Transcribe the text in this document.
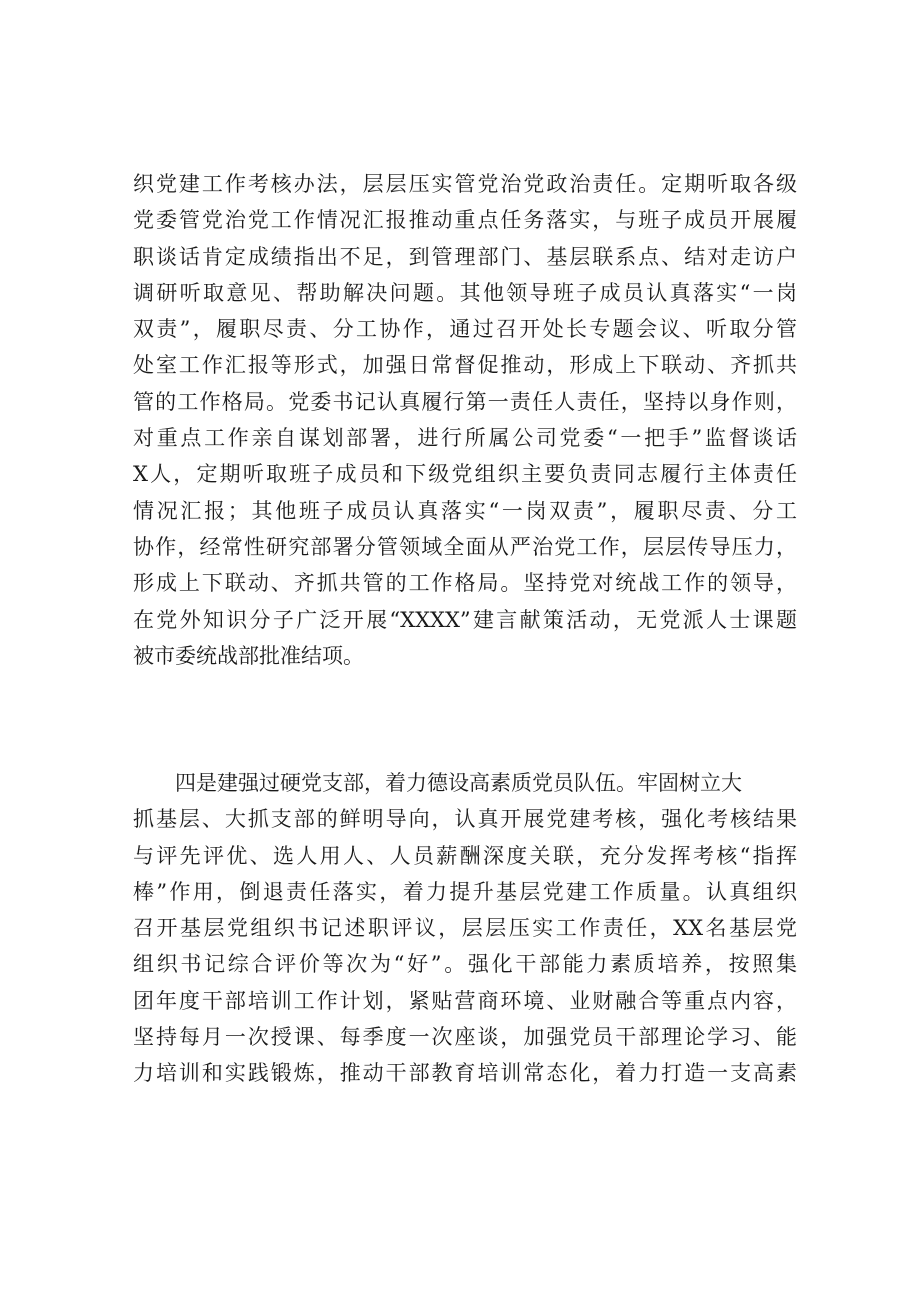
织党建工作考核办法，层层压实管党治党政治责任。定期听取各级
党委管党治党工作情况汇报推动重点任务落实，与班子成员开展履
职谈话肯定成绩指出不足，到管理部门、基层联系点、结对走访户
调研听取意见、帮助解决问题。其他领导班子成员认真落实“一岗
双责”，履职尽责、分工协作，通过召开处长专题会议、听取分管
处室工作汇报等形式，加强日常督促推动，形成上下联动、齐抓共
管的工作格局。党委书记认真履行第一责任人责任，坚持以身作则，
对重点工作亲自谋划部署，进行所属公司党委“一把手”监督谈话
X人，定期听取班子成员和下级党组织主要负责同志履行主体责任
情况汇报；其他班子成员认真落实“一岗双责”，履职尽责、分工
协作，经常性研究部署分管领域全面从严治党工作，层层传导压力，
形成上下联动、齐抓共管的工作格局。坚持党对统战工作的领导，
在党外知识分子广泛开展“XXXX”建言献策活动，无党派人士课题
被市委统战部批准结项。
四是建强过硬党支部，着力德设高素质党员队伍。牢固树立大
抓基层、大抓支部的鲜明导向，认真开展党建考核，强化考核结果
与评先评优、选人用人、人员薪酬深度关联，充分发挥考核“指挥
棒”作用，倒退责任落实，着力提升基层党建工作质量。认真组织
召开基层党组织书记述职评议，层层压实工作责任，XX名基层党
组织书记综合评价等次为“好”。强化干部能力素质培养，按照集
团年度干部培训工作计划，紧贴营商环境、业财融合等重点内容，
坚持每月一次授课、每季度一次座谈，加强党员干部理论学习、能
力培训和实践锻炼，推动干部教育培训常态化，着力打造一支高素
